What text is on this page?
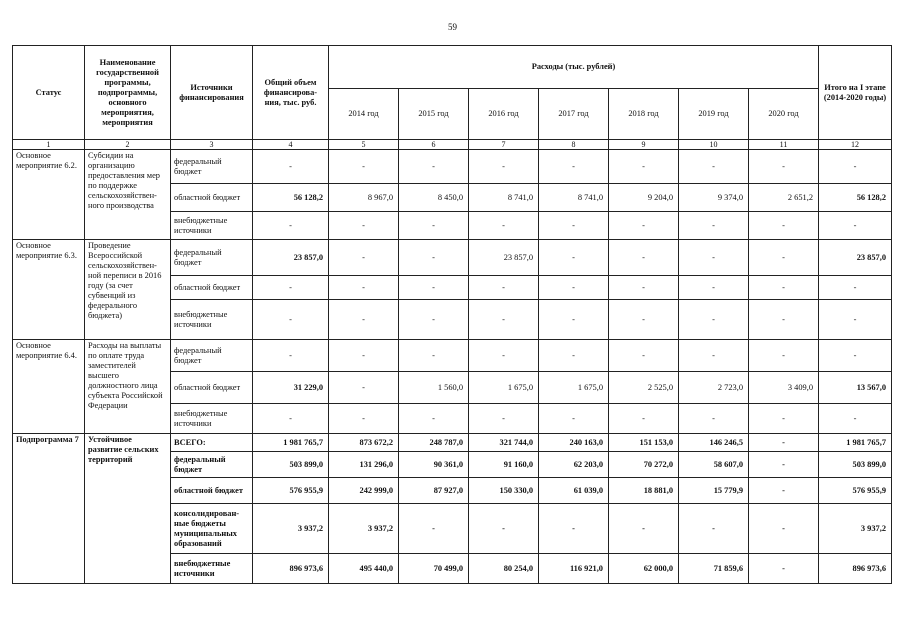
59
Статус	Наименование государственной программы, подпрограммы, основного мероприятия, мероприятия	Источники финансирования	Общий объем финансирова-ния, тыс. руб.	Расходы (тыс. рублей)							Итого на I этапе (2014-2020 годы)
				2014 год	2015 год	2016 год	2017 год	2018 год	2019 год	2020 год	
1	2	3	4	5	6	7	8	9	10	11	12
Основное мероприятие 6.2.	Субсидии на организацию предоставления мер по поддержке сельскохозяйствен-ного производства	федеральный бюджет	-	-	-	-	-	-	-	-	-
		областной бюджет	56 128,2	8 967,0	8 450,0	8 741,0	8 741,0	9 204,0	9 374,0	2 651,2	56 128,2
		внебюджетные источники	-	-	-	-	-	-	-	-	-
Основное мероприятие 6.3.	Проведение Всероссийской сельскохозяйствен-ной переписи в 2016 году (за счет субвенций из федерального бюджета)	федеральный бюджет	23 857,0	-	-	23 857,0	-	-	-	-	23 857,0
		областной бюджет	-	-	-	-	-	-	-	-	-
		внебюджетные источники	-	-	-	-	-	-	-	-	-
Основное мероприятие 6.4.	Расходы на выплаты по оплате труда заместителей высшего должностного лица субъекта Российской Федерации	федеральный бюджет	-	-	-	-	-	-	-	-	-
		областной бюджет	31 229,0	-	1 560,0	1 675,0	1 675,0	2 525,0	2 723,0	3 409,0	13 567,0
		внебюджетные источники	-	-	-	-	-	-	-	-	-
Подпрограмма 7	Устойчивое развитие сельских территорий	ВСЕГО:	1 981 765,7	873 672,2	248 787,0	321 744,0	240 163,0	151 153,0	146 246,5	-	1 981 765,7
		федеральный бюджет	503 899,0	131 296,0	90 361,0	91 160,0	62 203,0	70 272,0	58 607,0	-	503 899,0
		областной бюджет	576 955,9	242 999,0	87 927,0	150 330,0	61 039,0	18 881,0	15 779,9	-	576 955,9
		консолидирован-ные бюджеты муниципальных образований	3 937,2	3 937,2	-	-	-	-	-	-	3 937,2
		внебюджетные источники	896 973,6	495 440,0	70 499,0	80 254,0	116 921,0	62 000,0	71 859,6	-	896 973,6
